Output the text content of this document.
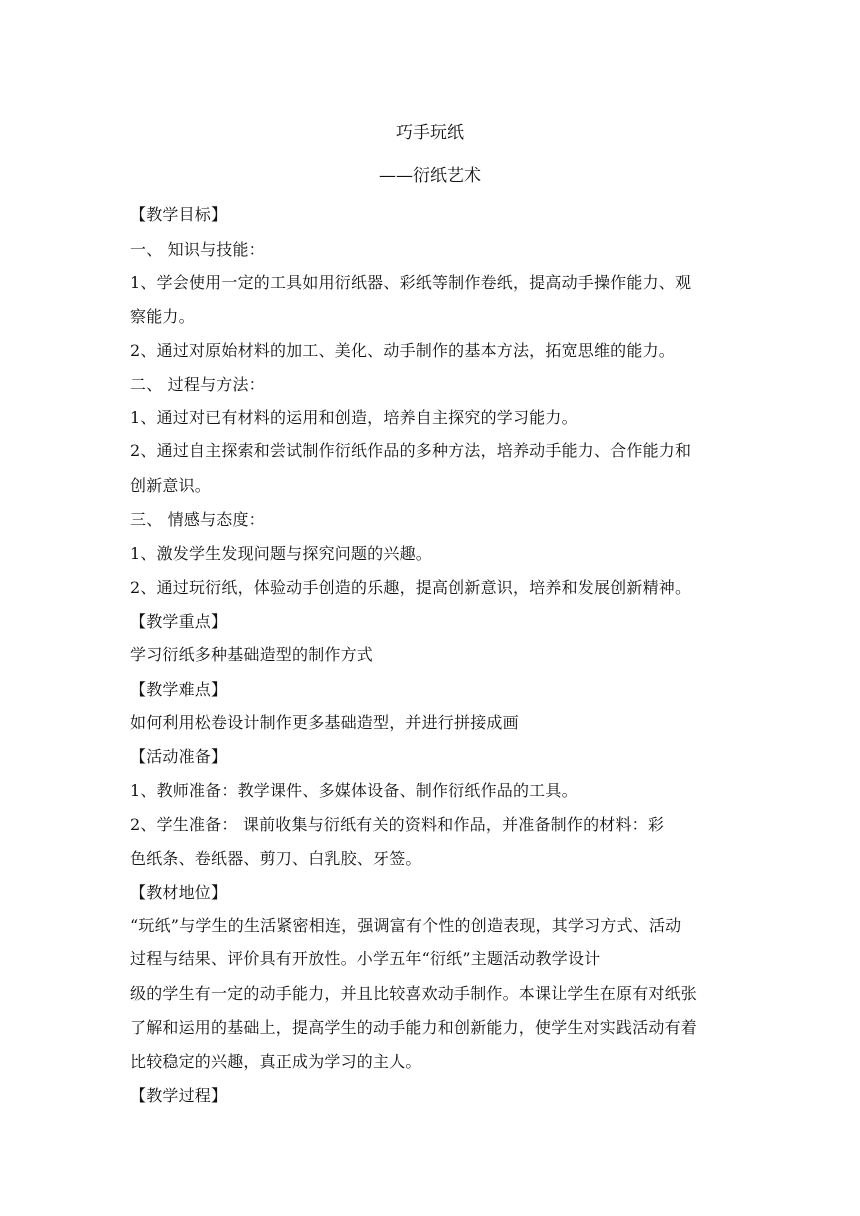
巧手玩纸
——衍纸艺术
【教学目标】
一、 知识与技能：
1、学会使用一定的工具如用衍纸器、彩纸等制作卷纸，提高动手操作能力、观
察能力。
2、通过对原始材料的加工、美化、动手制作的基本方法，拓宽思维的能力。
二、 过程与方法：
1、通过对已有材料的运用和创造，培养自主探究的学习能力。
2、通过自主探索和尝试制作衍纸作品的多种方法，培养动手能力、合作能力和
创新意识。
三、 情感与态度：
1、激发学生发现问题与探究问题的兴趣。
2、通过玩衍纸，体验动手创造的乐趣，提高创新意识，培养和发展创新精神。
【教学重点】
学习衍纸多种基础造型的制作方式
【教学难点】
如何利用松卷设计制作更多基础造型，并进行拼接成画
【活动准备】
1、教师准备：教学课件、多媒体设备、制作衍纸作品的工具。
2、学生准备： 课前收集与衍纸有关的资料和作品，并准备制作的材料：彩
色纸条、卷纸器、剪刀、白乳胶、牙签。
【教材地位】
“玩纸”与学生的生活紧密相连，强调富有个性的创造表现，其学习方式、活动
过程与结果、评价具有开放性。小学五年“衍纸”主题活动教学设计
级的学生有一定的动手能力，并且比较喜欢动手制作。本课让学生在原有对纸张
了解和运用的基础上，提高学生的动手能力和创新能力，使学生对实践活动有着
比较稳定的兴趣，真正成为学习的主人。
【教学过程】
